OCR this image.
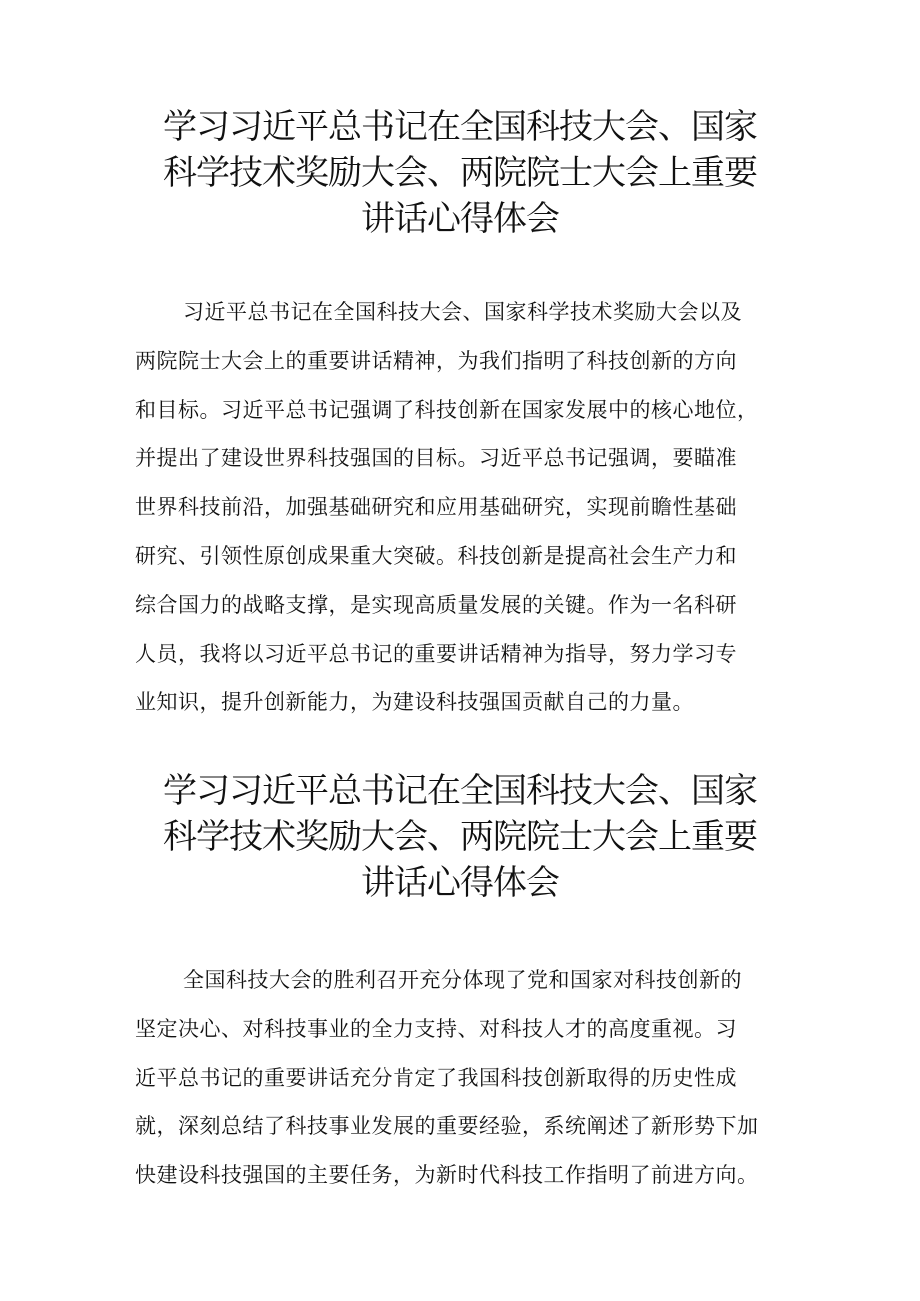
学习习近平总书记在全国科技大会、国家
科学技术奖励大会、两院院士大会上重要
讲话心得体会
习近平总书记在全国科技大会、国家科学技术奖励大会以及
两院院士大会上的重要讲话精神，为我们指明了科技创新的方向
和目标。习近平总书记强调了科技创新在国家发展中的核心地位，
并提出了建设世界科技强国的目标。习近平总书记强调，要瞄准
世界科技前沿，加强基础研究和应用基础研究，实现前瞻性基础
研究、引领性原创成果重大突破。科技创新是提高社会生产力和
综合国力的战略支撑，是实现高质量发展的关键。作为一名科研
人员，我将以习近平总书记的重要讲话精神为指导，努力学习专
业知识，提升创新能力，为建设科技强国贡献自己的力量。
学习习近平总书记在全国科技大会、国家
科学技术奖励大会、两院院士大会上重要
讲话心得体会
全国科技大会的胜利召开充分体现了党和国家对科技创新的
坚定决心、对科技事业的全力支持、对科技人才的高度重视。习
近平总书记的重要讲话充分肯定了我国科技创新取得的历史性成
就，深刻总结了科技事业发展的重要经验，系统阐述了新形势下加
快建设科技强国的主要任务，为新时代科技工作指明了前进方向。
